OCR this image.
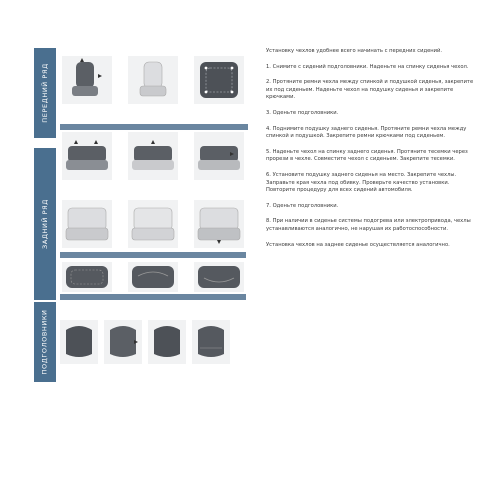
ПЕРЕДНИЙ РЯД
ЗАДНИЙ РЯД
ПОДГОЛОВНИКИ

Установку чехлов удобнее всего начинать с передних сидений.

1. Снимите с сидений подголовники. Наденьте на спинку сиденья чехол.

2. Протяните ремни чехла между спинкой и подушкой сиденья, закрепите их под сиденьем. Наденьте чехол на подушку сиденья и закрепите крючками.

3. Оденьте подголовники.

4. Поднимите подушку заднего сиденья. Протяните ремни чехла между спинкой и подушкой. Закрепите ремни крючками под сиденьем.

5. Наденьте чехол на спинку заднего сиденья. Протяните тесемки через прорези в чехле. Совместите чехол с сиденьем. Закрепите тесемки.

6. Установите подушку заднего сиденья на место. Закрепите чехлы. Заправьте края чехла под обивку. Проверьте качество установки. Повторите процедуру для всех сидений автомобиля.

7. Оденьте подголовники.

8. При наличии в сиденье системы подогрева или электропривода, чехлы устанавливаются аналогично, не нарушая их работоспособности.

Установка чехлов на заднее сиденье осуществляется аналогично.
